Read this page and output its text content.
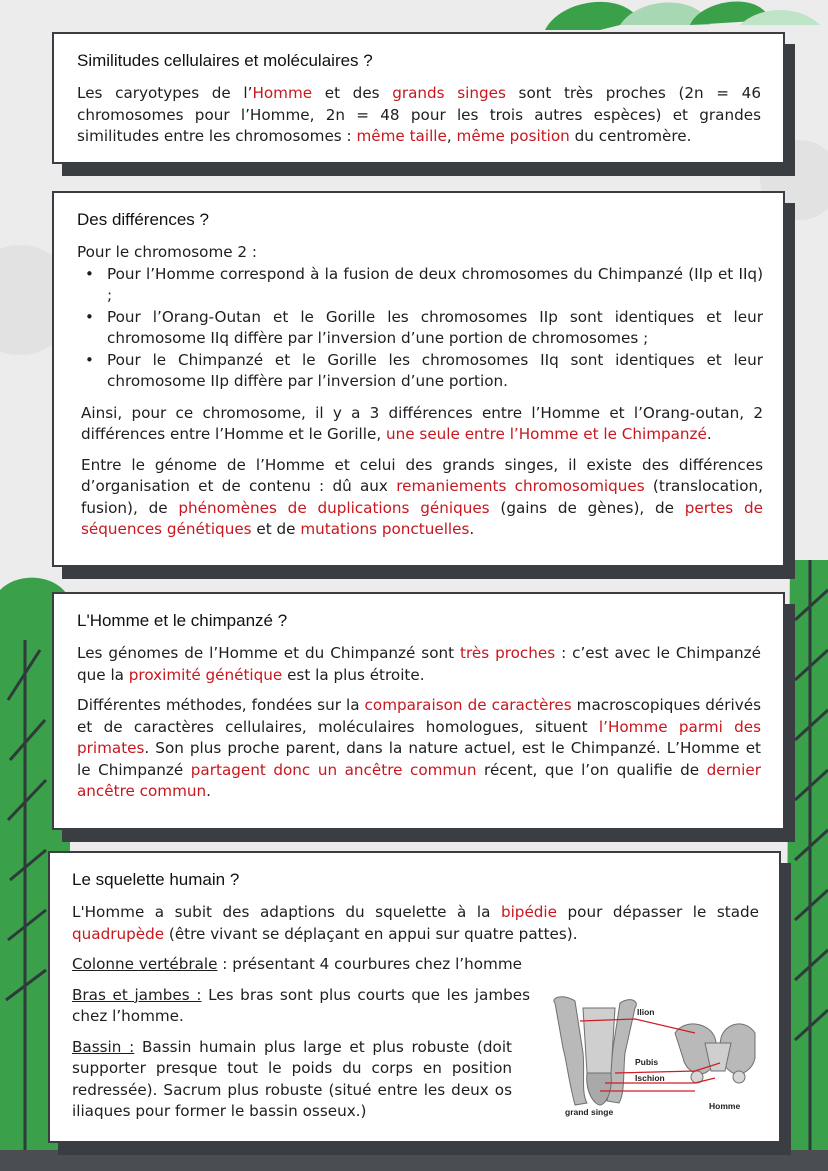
Similitudes cellulaires et moléculaires ?

Les caryotypes de l’Homme et des grands singes sont très proches (2n = 46 chromosomes pour l’Homme, 2n = 48 pour les trois autres espèces) et grandes similitudes entre les chromosomes : même taille, même position du centromère.

Des différences ?

Pour le chromosome 2 :

• Pour l’Homme correspond à la fusion de deux chromosomes du Chimpanzé (IIp et IIq) ;
• Pour l’Orang-Outan et le Gorille les chromosomes IIp sont identiques et leur chromosome IIq diffère par l’inversion d’une portion de chromosomes ;
• Pour le Chimpanzé et le Gorille les chromosomes IIq sont identiques et leur chromosome IIp diffère par l’inversion d’une portion.

Ainsi, pour ce chromosome, il y a 3 différences entre l’Homme et l’Orang-outan, 2 différences entre l’Homme et le Gorille, une seule entre l’Homme et le Chimpanzé.

Entre le génome de l’Homme et celui des grands singes, il existe des différences d’organisation et de contenu : dû aux remaniements chromosomiques (translocation, fusion), de phénomènes de duplications géniques (gains de gènes), de pertes de séquences génétiques et de mutations ponctuelles.

L'Homme et le chimpanzé ?

Les génomes de l’Homme et du Chimpanzé sont très proches : c’est avec le Chimpanzé que la proximité génétique est la plus étroite.

Différentes méthodes, fondées sur la comparaison de caractères macroscopiques dérivés et de caractères cellulaires, moléculaires homologues, situent l’Homme parmi des primates. Son plus proche parent, dans la nature actuel, est le Chimpanzé. L’Homme et le Chimpanzé partagent donc un ancêtre commun récent, que l’on qualifie de dernier ancêtre commun.

Le squelette humain ?

L'Homme a subit des adaptions du squelette à la bipédie pour dépasser le stade quadrupède (être vivant se déplaçant en appui sur quatre pattes).

Colonne vertébrale : présentant 4 courbures chez l’homme

Bras et jambes : Les bras sont plus courts que les jambes chez l’homme.

Bassin : Bassin humain plus large et plus robuste (doit supporter presque tout le poids du corps en position redressée). Sacrum plus robuste (situé entre les deux os iliaques pour former le bassin osseux.)

Ilion
Pubis
Ischion
grand singe
Homme
